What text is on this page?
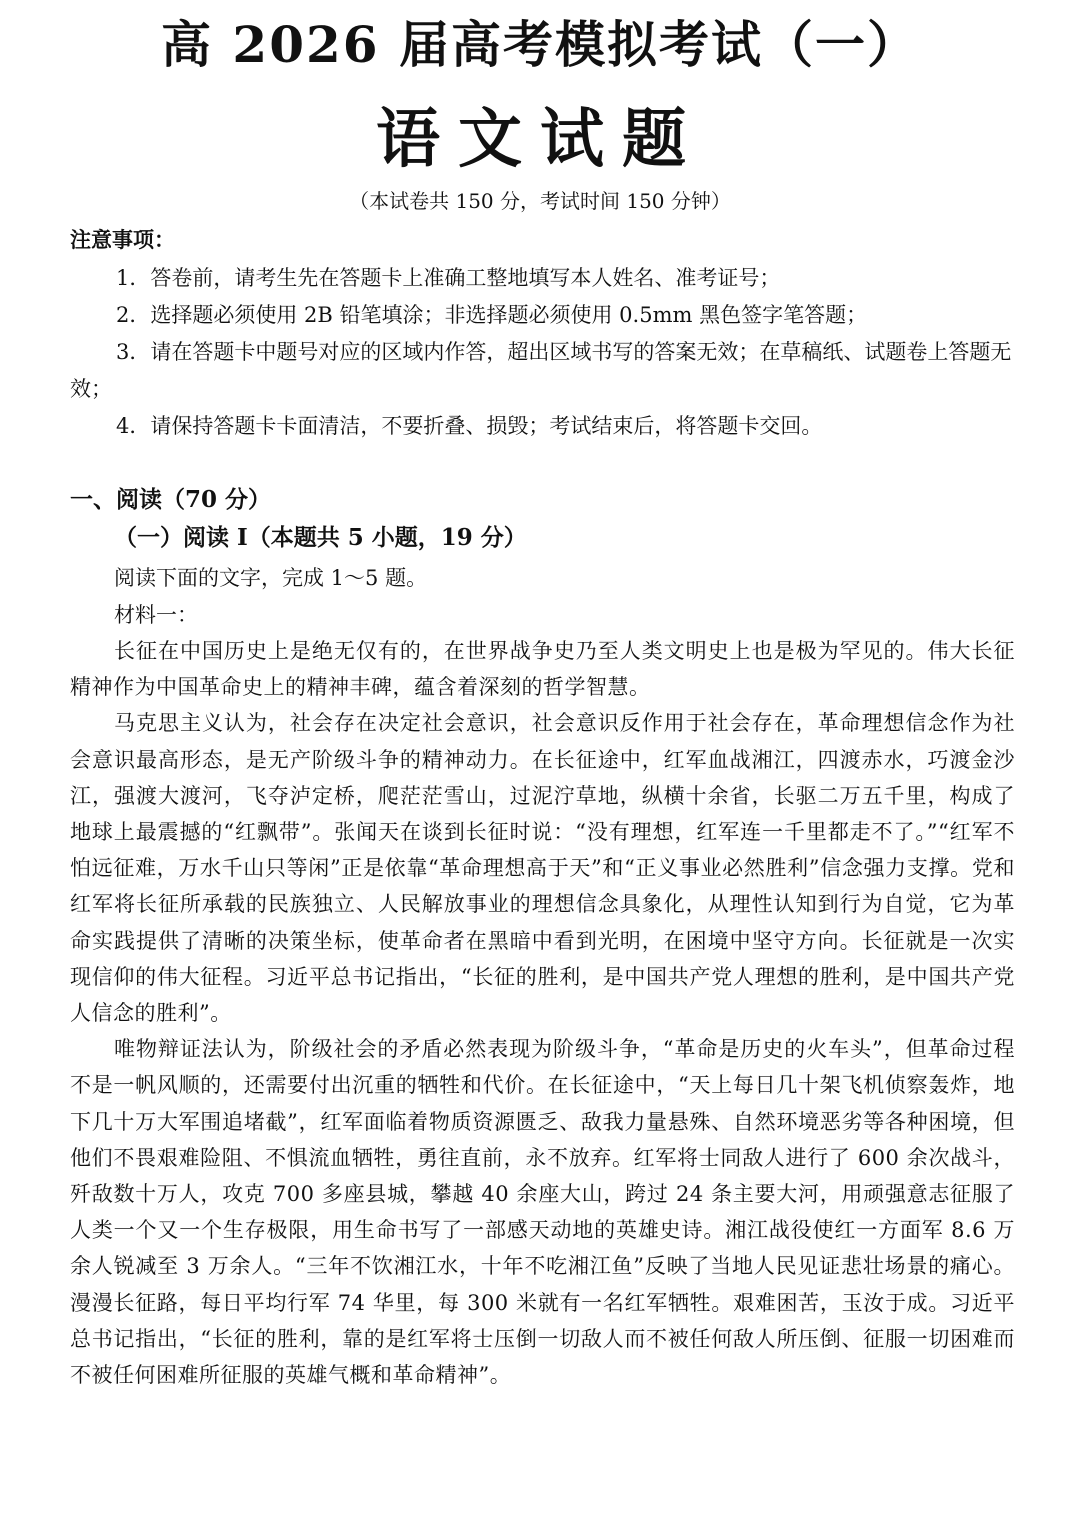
高 2026 届高考模拟考试（一）
语文试题
（本试卷共 150 分，考试时间 150 分钟）
注意事项：

1．答卷前，请考生先在答题卡上准确工整地填写本人姓名、准考证号；

2．选择题必须使用 2B 铅笔填涂；非选择题必须使用 0.5mm 黑色签字笔答题；

3．请在答题卡中题号对应的区域内作答，超出区域书写的答案无效；在草稿纸、试题卷上答题无效；

4．请保持答题卡卡面清洁，不要折叠、损毁；考试结束后，将答题卡交回。

一、阅读（70 分）
（一）阅读 I（本题共 5 小题，19 分）
阅读下面的文字，完成 1～5 题。
材料一：

长征在中国历史上是绝无仅有的，在世界战争史乃至人类文明史上也是极为罕见的。伟大长征精神作为中国革命史上的精神丰碑，蕴含着深刻的哲学智慧。

马克思主义认为，社会存在决定社会意识，社会意识反作用于社会存在，革命理想信念作为社会意识最高形态，是无产阶级斗争的精神动力。在长征途中，红军血战湘江，四渡赤水，巧渡金沙江，强渡大渡河，飞夺泸定桥，爬茫茫雪山，过泥泞草地，纵横十余省，长驱二万五千里，构成了地球上最震撼的“红飘带”。张闻天在谈到长征时说：“没有理想，红军连一千里都走不了。”“红军不怕远征难，万水千山只等闲”正是依靠“革命理想高于天”和“正义事业必然胜利”信念强力支撑。党和红军将长征所承载的民族独立、人民解放事业的理想信念具象化，从理性认知到行为自觉，它为革命实践提供了清晰的决策坐标，使革命者在黑暗中看到光明，在困境中坚守方向。长征就是一次实现信仰的伟大征程。习近平总书记指出，“长征的胜利，是中国共产党人理想的胜利，是中国共产党人信念的胜利”。

唯物辩证法认为，阶级社会的矛盾必然表现为阶级斗争，“革命是历史的火车头”，但革命过程不是一帆风顺的，还需要付出沉重的牺牲和代价。在长征途中，“天上每日几十架飞机侦察轰炸，地下几十万大军围追堵截”，红军面临着物质资源匮乏、敌我力量悬殊、自然环境恶劣等各种困境，但他们不畏艰难险阻、不惧流血牺牲，勇往直前，永不放弃。红军将士同敌人进行了 600 余次战斗，歼敌数十万人，攻克 700 多座县城，攀越 40 余座大山，跨过 24 条主要大河，用顽强意志征服了人类一个又一个生存极限，用生命书写了一部感天动地的英雄史诗。湘江战役使红一方面军 8.6 万余人锐减至 3 万余人。“三年不饮湘江水，十年不吃湘江鱼”反映了当地人民见证悲壮场景的痛心。漫漫长征路，每日平均行军 74 华里，每 300 米就有一名红军牺牲。艰难困苦，玉汝于成。习近平总书记指出，“长征的胜利，靠的是红军将士压倒一切敌人而不被任何敌人所压倒、征服一切困难而不被任何困难所征服的英雄气概和革命精神”。
